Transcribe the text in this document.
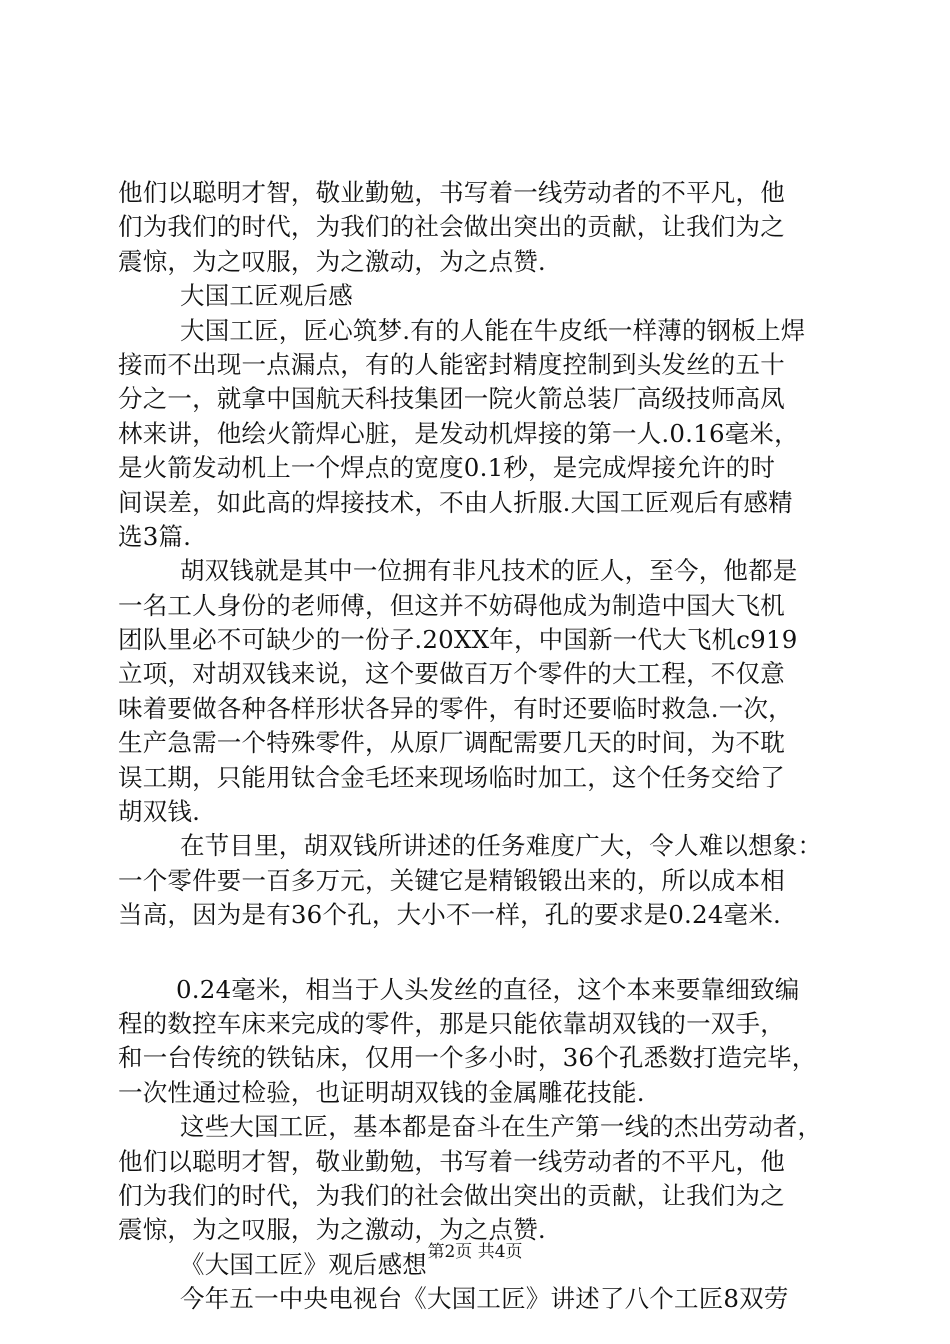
他们以聪明才智，敬业勤勉，书写着一线劳动者的不平凡，他
们为我们的时代，为我们的社会做出突出的贡献，让我们为之
震惊，为之叹服，为之激动，为之点赞.
大国工匠观后感
大国工匠，匠心筑梦.有的人能在牛皮纸一样薄的钢板上焊
接而不出现一点漏点，有的人能密封精度控制到头发丝的五十
分之一，就拿中国航天科技集团一院火箭总装厂高级技师高凤
林来讲，他绘火箭焊心脏，是发动机焊接的第一人.0.16毫米，
是火箭发动机上一个焊点的宽度0.1秒，是完成焊接允许的时
间误差，如此高的焊接技术，不由人折服.大国工匠观后有感精
选3篇.
胡双钱就是其中一位拥有非凡技术的匠人，至今，他都是
一名工人身份的老师傅，但这并不妨碍他成为制造中国大飞机
团队里必不可缺少的一份子.20XX年，中国新一代大飞机c919
立项，对胡双钱来说，这个要做百万个零件的大工程，不仅意
味着要做各种各样形状各异的零件，有时还要临时救急.一次，
生产急需一个特殊零件，从原厂调配需要几天的时间，为不耽
误工期，只能用钛合金毛坯来现场临时加工，这个任务交给了
胡双钱.
在节目里，胡双钱所讲述的任务难度广大，令人难以想象：
一个零件要一百多万元，关键它是精锻锻出来的，所以成本相
当高，因为是有36个孔，大小不一样，孔的要求是0.24毫米.
0.24毫米，相当于人头发丝的直径，这个本来要靠细致编
程的数控车床来完成的零件，那是只能依靠胡双钱的一双手，
和一台传统的铁钻床，仅用一个多小时，36个孔悉数打造完毕，
一次性通过检验，也证明胡双钱的金属雕花技能.
这些大国工匠，基本都是奋斗在生产第一线的杰出劳动者，
他们以聪明才智，敬业勤勉，书写着一线劳动者的不平凡，他
们为我们的时代，为我们的社会做出突出的贡献，让我们为之
震惊，为之叹服，为之激动，为之点赞.
《大国工匠》观后感想
今年五一中央电视台《大国工匠》讲述了八个工匠8双劳
第2页 共4页
